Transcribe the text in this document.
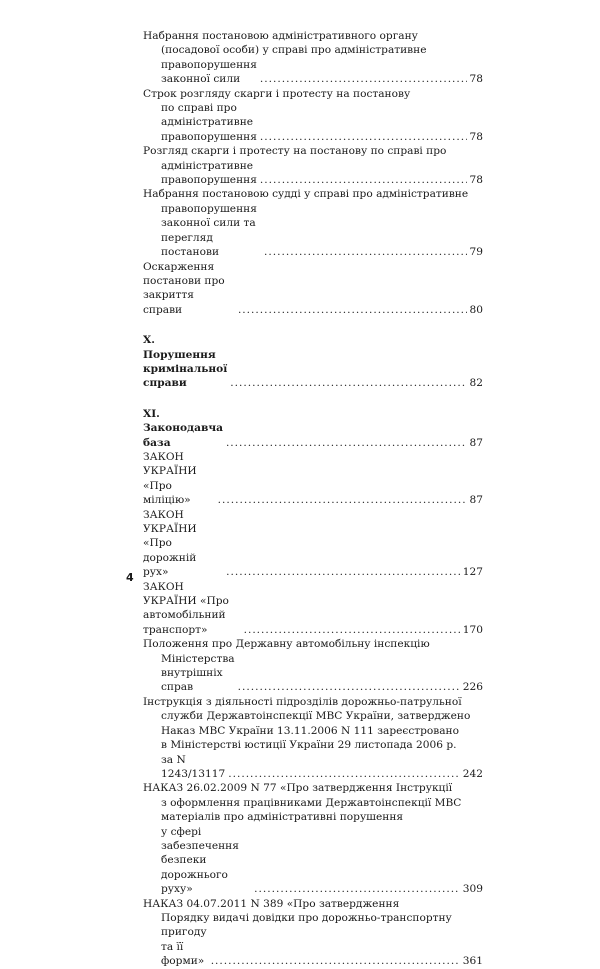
Набрання постановою адміністративного органу
(посадової особи) у справі про адміністративне
правопорушення законної сили .....	78
Строк розгляду скарги і протесту на постанову
по справі про адміністративне правопорушення .....	78
Розгляд скарги і протесту на постанову по справі про
адміністративне правопорушення .....	78
Набрання постановою судді у справі про адміністративне
правопорушення законної сили та перегляд постанови .....	79
Оскарження постанови про закриття справи .....	80
X. Порушення кримінальної справи .....	82
XI. Законодавча база .....	87
ЗАКОН УКРАЇНИ «Про міліцію» .....	87
ЗАКОН УКРАЇНИ «Про дорожній рух» .....	127
ЗАКОН УКРАЇНИ «Про автомобільний транспорт» .....	170
Положення про Державну автомобільну інспекцію
Міністерства внутрішніх справ .....	226
Інструкція з діяльності підрозділів дорожньо-патрульної
служби Державтоінспекції МВС України, затверджено
Наказ МВС України 13.11.2006 N 111 зареєстровано
в Міністерстві юстиції України 29 листопада 2006 р.
за N 1243/13117 .....	242
НАКАЗ 26.02.2009 N 77 «Про затвердження Інструкції
з оформлення працівниками Державтоінспекції МВС
матеріалів про адміністративні порушення
у сфері забезпечення безпеки дорожнього руху» .....	309
НАКАЗ 04.07.2011 N 389 «Про затвердження
Порядку видачі довідки про дорожньо-транспортну
пригоду та її форми» .....	361
4
